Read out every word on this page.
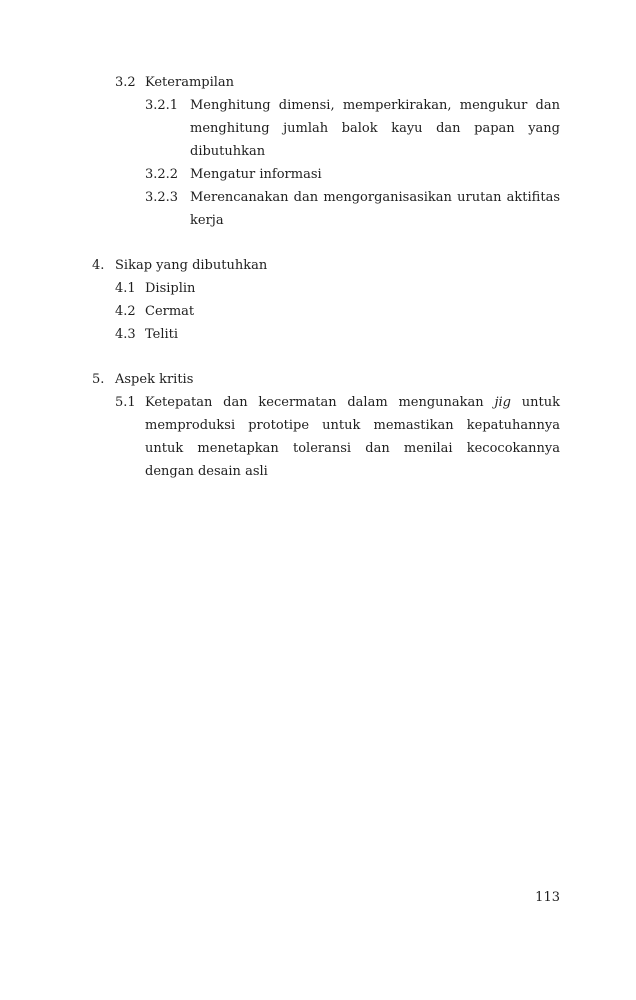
3.2 Keterampilan
3.2.1 Menghitung dimensi, memperkirakan, mengukur dan menghitung jumlah balok kayu dan papan yang dibutuhkan
3.2.2 Mengatur informasi
3.2.3 Merencanakan dan mengorganisasikan urutan aktifitas kerja
4. Sikap yang dibutuhkan
4.1 Disiplin
4.2 Cermat
4.3 Teliti
5. Aspek kritis
5.1 Ketepatan dan kecermatan dalam mengunakan jig untuk memproduksi prototipe untuk memastikan kepatuhannya untuk menetapkan toleransi dan menilai kecocokannya dengan desain asli
113
